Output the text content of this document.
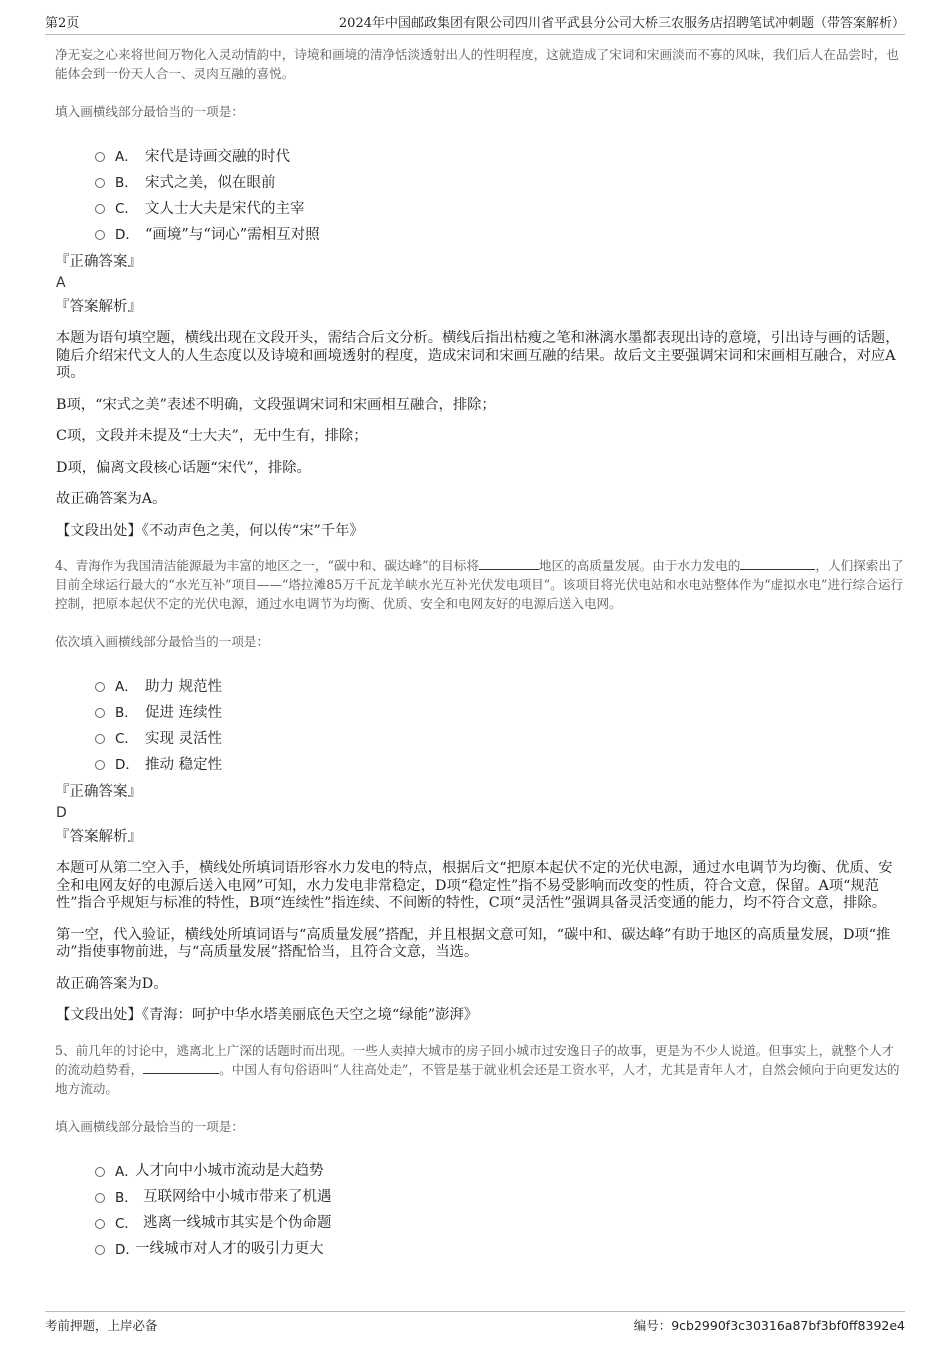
第2页	2024年中国邮政集团有限公司四川省平武县分公司大桥三农服务店招聘笔试冲刺题（带答案解析）

净无妄之心来将世间万物化入灵动情韵中，诗境和画境的清净恬淡透射出人的性明程度，这就造成了宋词和宋画淡而不寡的风味，我们后人在品尝时，也能体会到一份天人合一、灵肉互融的喜悦。

填入画横线部分最恰当的一项是：

A． 宋代是诗画交融的时代
B． 宋式之美，似在眼前
C． 文人士大夫是宋代的主宰
D． “画境”与“词心”需相互对照

『正确答案』

A

『答案解析』

本题为语句填空题，横线出现在文段开头，需结合后文分析。横线后指出枯瘦之笔和淋漓水墨都表现出诗的意境，引出诗与画的话题，随后介绍宋代文人的人生态度以及诗境和画境透射的程度，造成宋词和宋画互融的结果。故后文主要强调宋词和宋画相互融合，对应A项。

B项，“宋式之美”表述不明确，文段强调宋词和宋画相互融合，排除；

C项，文段并未提及“士大夫”，无中生有，排除；

D项，偏离文段核心话题“宋代”，排除。

故正确答案为A。

【文段出处】《不动声色之美，何以传“宋”千年》

4、青海作为我国清洁能源最为丰富的地区之一，“碳中和、碳达峰”的目标将	地区的高质量发展。由于水力发电的	，人们探索出了目前全球运行最大的“水光互补”项目——“塔拉滩85万千瓦龙羊峡水光互补光伏发电项目”。该项目将光伏电站和水电站整体作为“虚拟水电”进行综合运行控制，把原本起伏不定的光伏电源，通过水电调节为均衡、优质、安全和电网友好的电源后送入电网。

依次填入画横线部分最恰当的一项是：

A． 助力 规范性
B． 促进 连续性
C． 实现 灵活性
D． 推动 稳定性

『正确答案』

D

『答案解析』

本题可从第二空入手，横线处所填词语形容水力发电的特点，根据后文“把原本起伏不定的光伏电源，通过水电调节为均衡、优质、安全和电网友好的电源后送入电网”可知，水力发电非常稳定，D项“稳定性”指不易受影响而改变的性质，符合文意，保留。A项“规范性”指合乎规矩与标准的特性，B项“连续性”指连续、不间断的特性，C项“灵活性”强调具备灵活变通的能力，均不符合文意，排除。

第一空，代入验证，横线处所填词语与“高质量发展”搭配，并且根据文意可知，“碳中和、碳达峰”有助于地区的高质量发展，D项“推动”指使事物前进，与“高质量发展”搭配恰当，且符合文意，当选。

故正确答案为D。

【文段出处】《青海：呵护中华水塔美丽底色天空之境“绿能”澎湃》

5、前几年的讨论中，逃离北上广深的话题时而出现。一些人卖掉大城市的房子回小城市过安逸日子的故事，更是为不少人说道。但事实上，就整个人才的流动趋势看，	。中国人有句俗语叫“人往高处走”，不管是基于就业机会还是工资水平，人才，尤其是青年人才，自然会倾向于向更发达的地方流动。

填入画横线部分最恰当的一项是：

A．
人才向中小城市流动是大趋势
B． 互联网给中小城市带来了机遇
C． 逃离一线城市其实是个伪命题
D．
一线城市对人才的吸引力更大
考前押题，上岸必备	编号：9cb2990f3c30316a87bf3bf0ff8392e4
